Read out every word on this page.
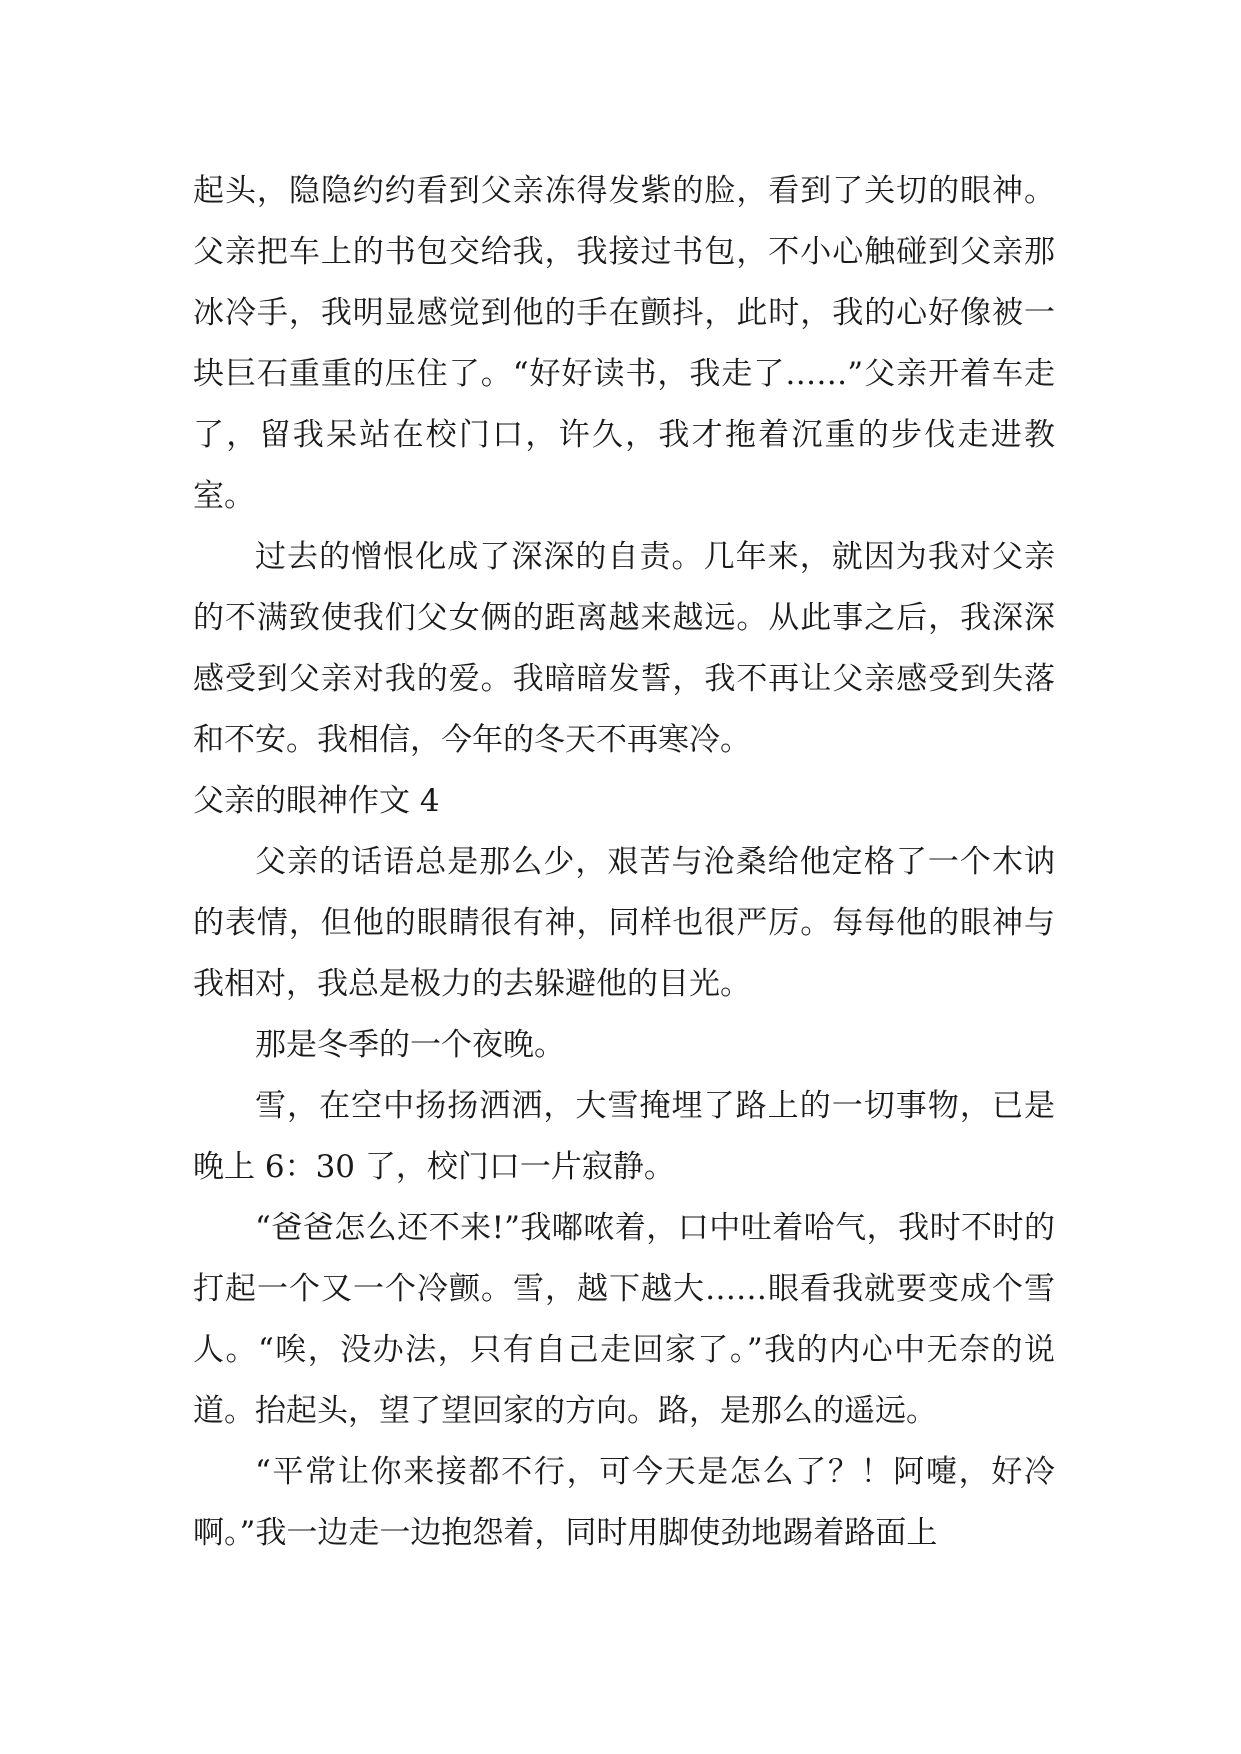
起头，隐隐约约看到父亲冻得发紫的脸，看到了关切的眼神。父亲把车上的书包交给我，我接过书包，不小心触碰到父亲那冰冷手，我明显感觉到他的手在颤抖，此时，我的心好像被一块巨石重重的压住了。“好好读书，我走了……”父亲开着车走了，留我呆站在校门口，许久，我才拖着沉重的步伐走进教室。

过去的憎恨化成了深深的自责。几年来，就因为我对父亲的不满致使我们父女俩的距离越来越远。从此事之后，我深深感受到父亲对我的爱。我暗暗发誓，我不再让父亲感受到失落和不安。我相信，今年的冬天不再寒冷。

父亲的眼神作文 4

父亲的话语总是那么少，艰苦与沧桑给他定格了一个木讷的表情，但他的眼睛很有神，同样也很严厉。每每他的眼神与我相对，我总是极力的去躲避他的目光。

那是冬季的一个夜晚。

雪，在空中扬扬洒洒，大雪掩埋了路上的一切事物，已是晚上 6：30 了，校门口一片寂静。

“爸爸怎么还不来!”我嘟哝着，口中吐着哈气，我时不时的打起一个又一个冷颤。雪，越下越大……眼看我就要变成个雪人。“唉，没办法，只有自己走回家了。”我的内心中无奈的说道。抬起头，望了望回家的方向。路，是那么的遥远。

“平常让你来接都不行，可今天是怎么了？！阿嚏，好冷啊。”我一边走一边抱怨着，同时用脚使劲地踢着路面上
